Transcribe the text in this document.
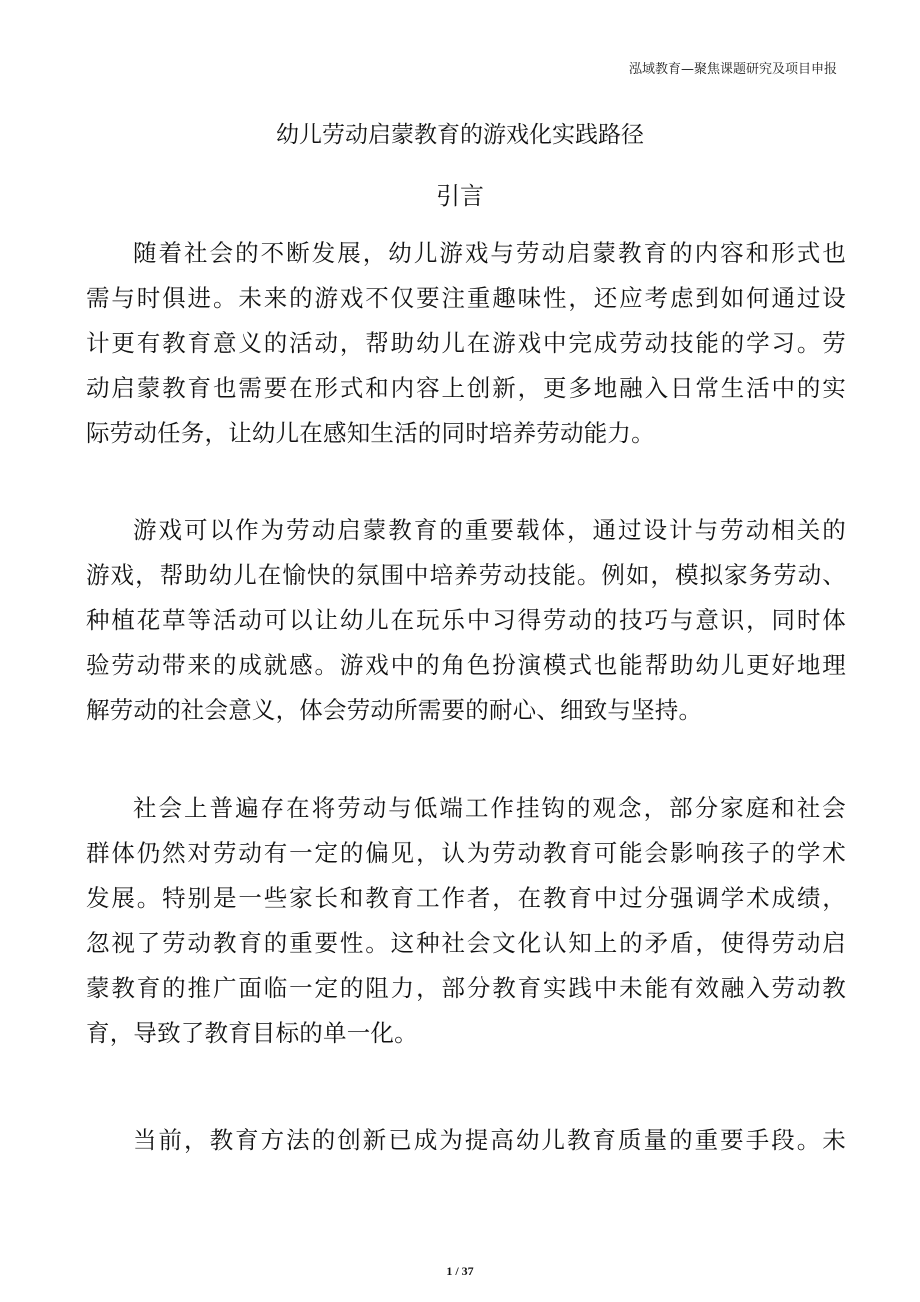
泓域教育—聚焦课题研究及项目申报
幼儿劳动启蒙教育的游戏化实践路径
引言
随着社会的不断发展，幼儿游戏与劳动启蒙教育的内容和形式也
需与时俱进。未来的游戏不仅要注重趣味性，还应考虑到如何通过设
计更有教育意义的活动，帮助幼儿在游戏中完成劳动技能的学习。劳
动启蒙教育也需要在形式和内容上创新，更多地融入日常生活中的实
际劳动任务，让幼儿在感知生活的同时培养劳动能力。
游戏可以作为劳动启蒙教育的重要载体，通过设计与劳动相关的
游戏，帮助幼儿在愉快的氛围中培养劳动技能。例如，模拟家务劳动、
种植花草等活动可以让幼儿在玩乐中习得劳动的技巧与意识，同时体
验劳动带来的成就感。游戏中的角色扮演模式也能帮助幼儿更好地理
解劳动的社会意义，体会劳动所需要的耐心、细致与坚持。
社会上普遍存在将劳动与低端工作挂钩的观念，部分家庭和社会
群体仍然对劳动有一定的偏见，认为劳动教育可能会影响孩子的学术
发展。特别是一些家长和教育工作者，在教育中过分强调学术成绩，
忽视了劳动教育的重要性。这种社会文化认知上的矛盾，使得劳动启
蒙教育的推广面临一定的阻力，部分教育实践中未能有效融入劳动教
育，导致了教育目标的单一化。
当前，教育方法的创新已成为提高幼儿教育质量的重要手段。未
1 / 37
